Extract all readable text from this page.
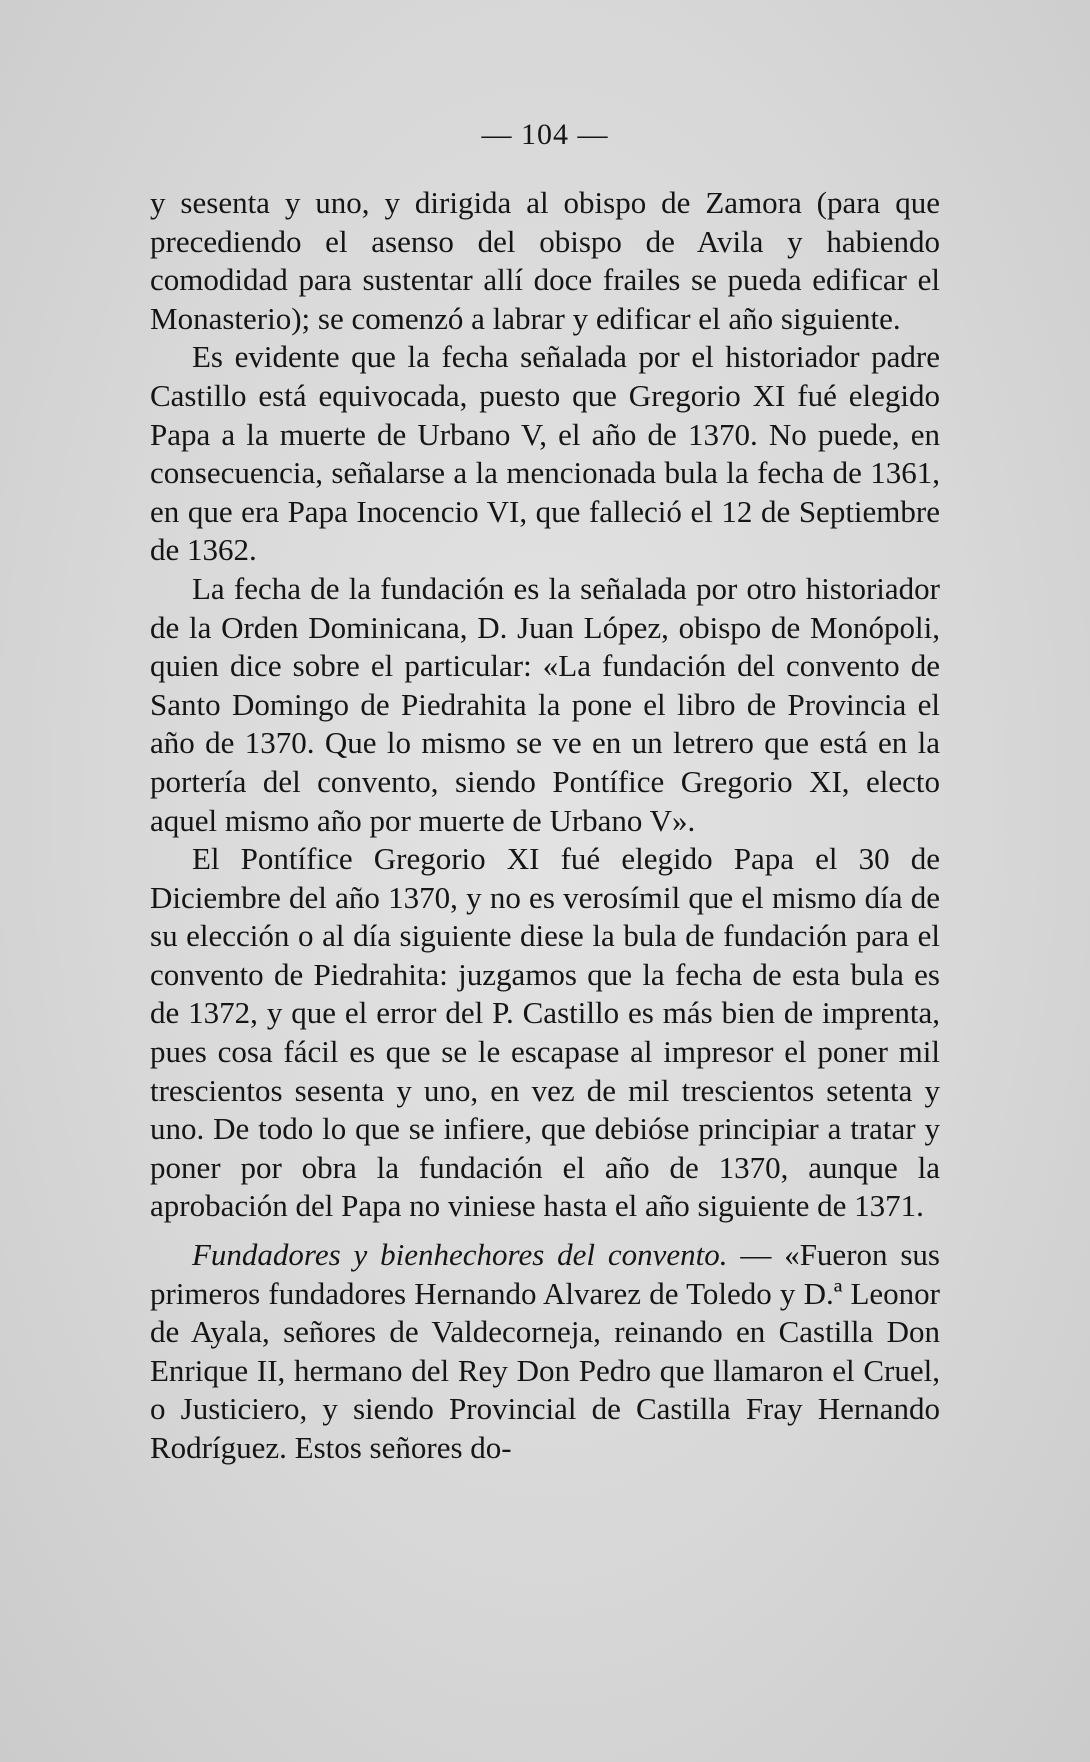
— 104 —

y sesenta y uno, y dirigida al obispo de Zamora (para que precediendo el asenso del obispo de Avila y habiendo comodidad para sustentar allí doce frailes se pueda edificar el Monasterio); se comenzó a labrar y edificar el año siguiente.

Es evidente que la fecha señalada por el historiador padre Castillo está equivocada, puesto que Gregorio XI fué elegido Papa a la muerte de Urbano V, el año de 1370. No puede, en consecuencia, señalarse a la mencionada bula la fecha de 1361, en que era Papa Inocencio VI, que falleció el 12 de Septiembre de 1362.

La fecha de la fundación es la señalada por otro historiador de la Orden Dominicana, D. Juan López, obispo de Monópoli, quien dice sobre el particular: «La fundación del convento de Santo Domingo de Piedrahita la pone el libro de Provincia el año de 1370. Que lo mismo se ve en un letrero que está en la portería del convento, siendo Pontífice Gregorio XI, electo aquel mismo año por muerte de Urbano V».

El Pontífice Gregorio XI fué elegido Papa el 30 de Diciembre del año 1370, y no es verosímil que el mismo día de su elección o al día siguiente diese la bula de fundación para el convento de Piedrahita: juzgamos que la fecha de esta bula es de 1372, y que el error del P. Castillo es más bien de imprenta, pues cosa fácil es que se le escapase al impresor el poner mil trescientos sesenta y uno, en vez de mil trescientos setenta y uno. De todo lo que se infiere, que debióse principiar a tratar y poner por obra la fundación el año de 1370, aunque la aprobación del Papa no viniese hasta el año siguiente de 1371.

Fundadores y bienhechores del convento. — «Fueron sus primeros fundadores Hernando Alvarez de Toledo y D.ª Leonor de Ayala, señores de Valdecorneja, reinando en Castilla Don Enrique II, hermano del Rey Don Pedro que llamaron el Cruel, o Justiciero, y siendo Provincial de Castilla Fray Hernando Rodríguez. Estos señores do-
